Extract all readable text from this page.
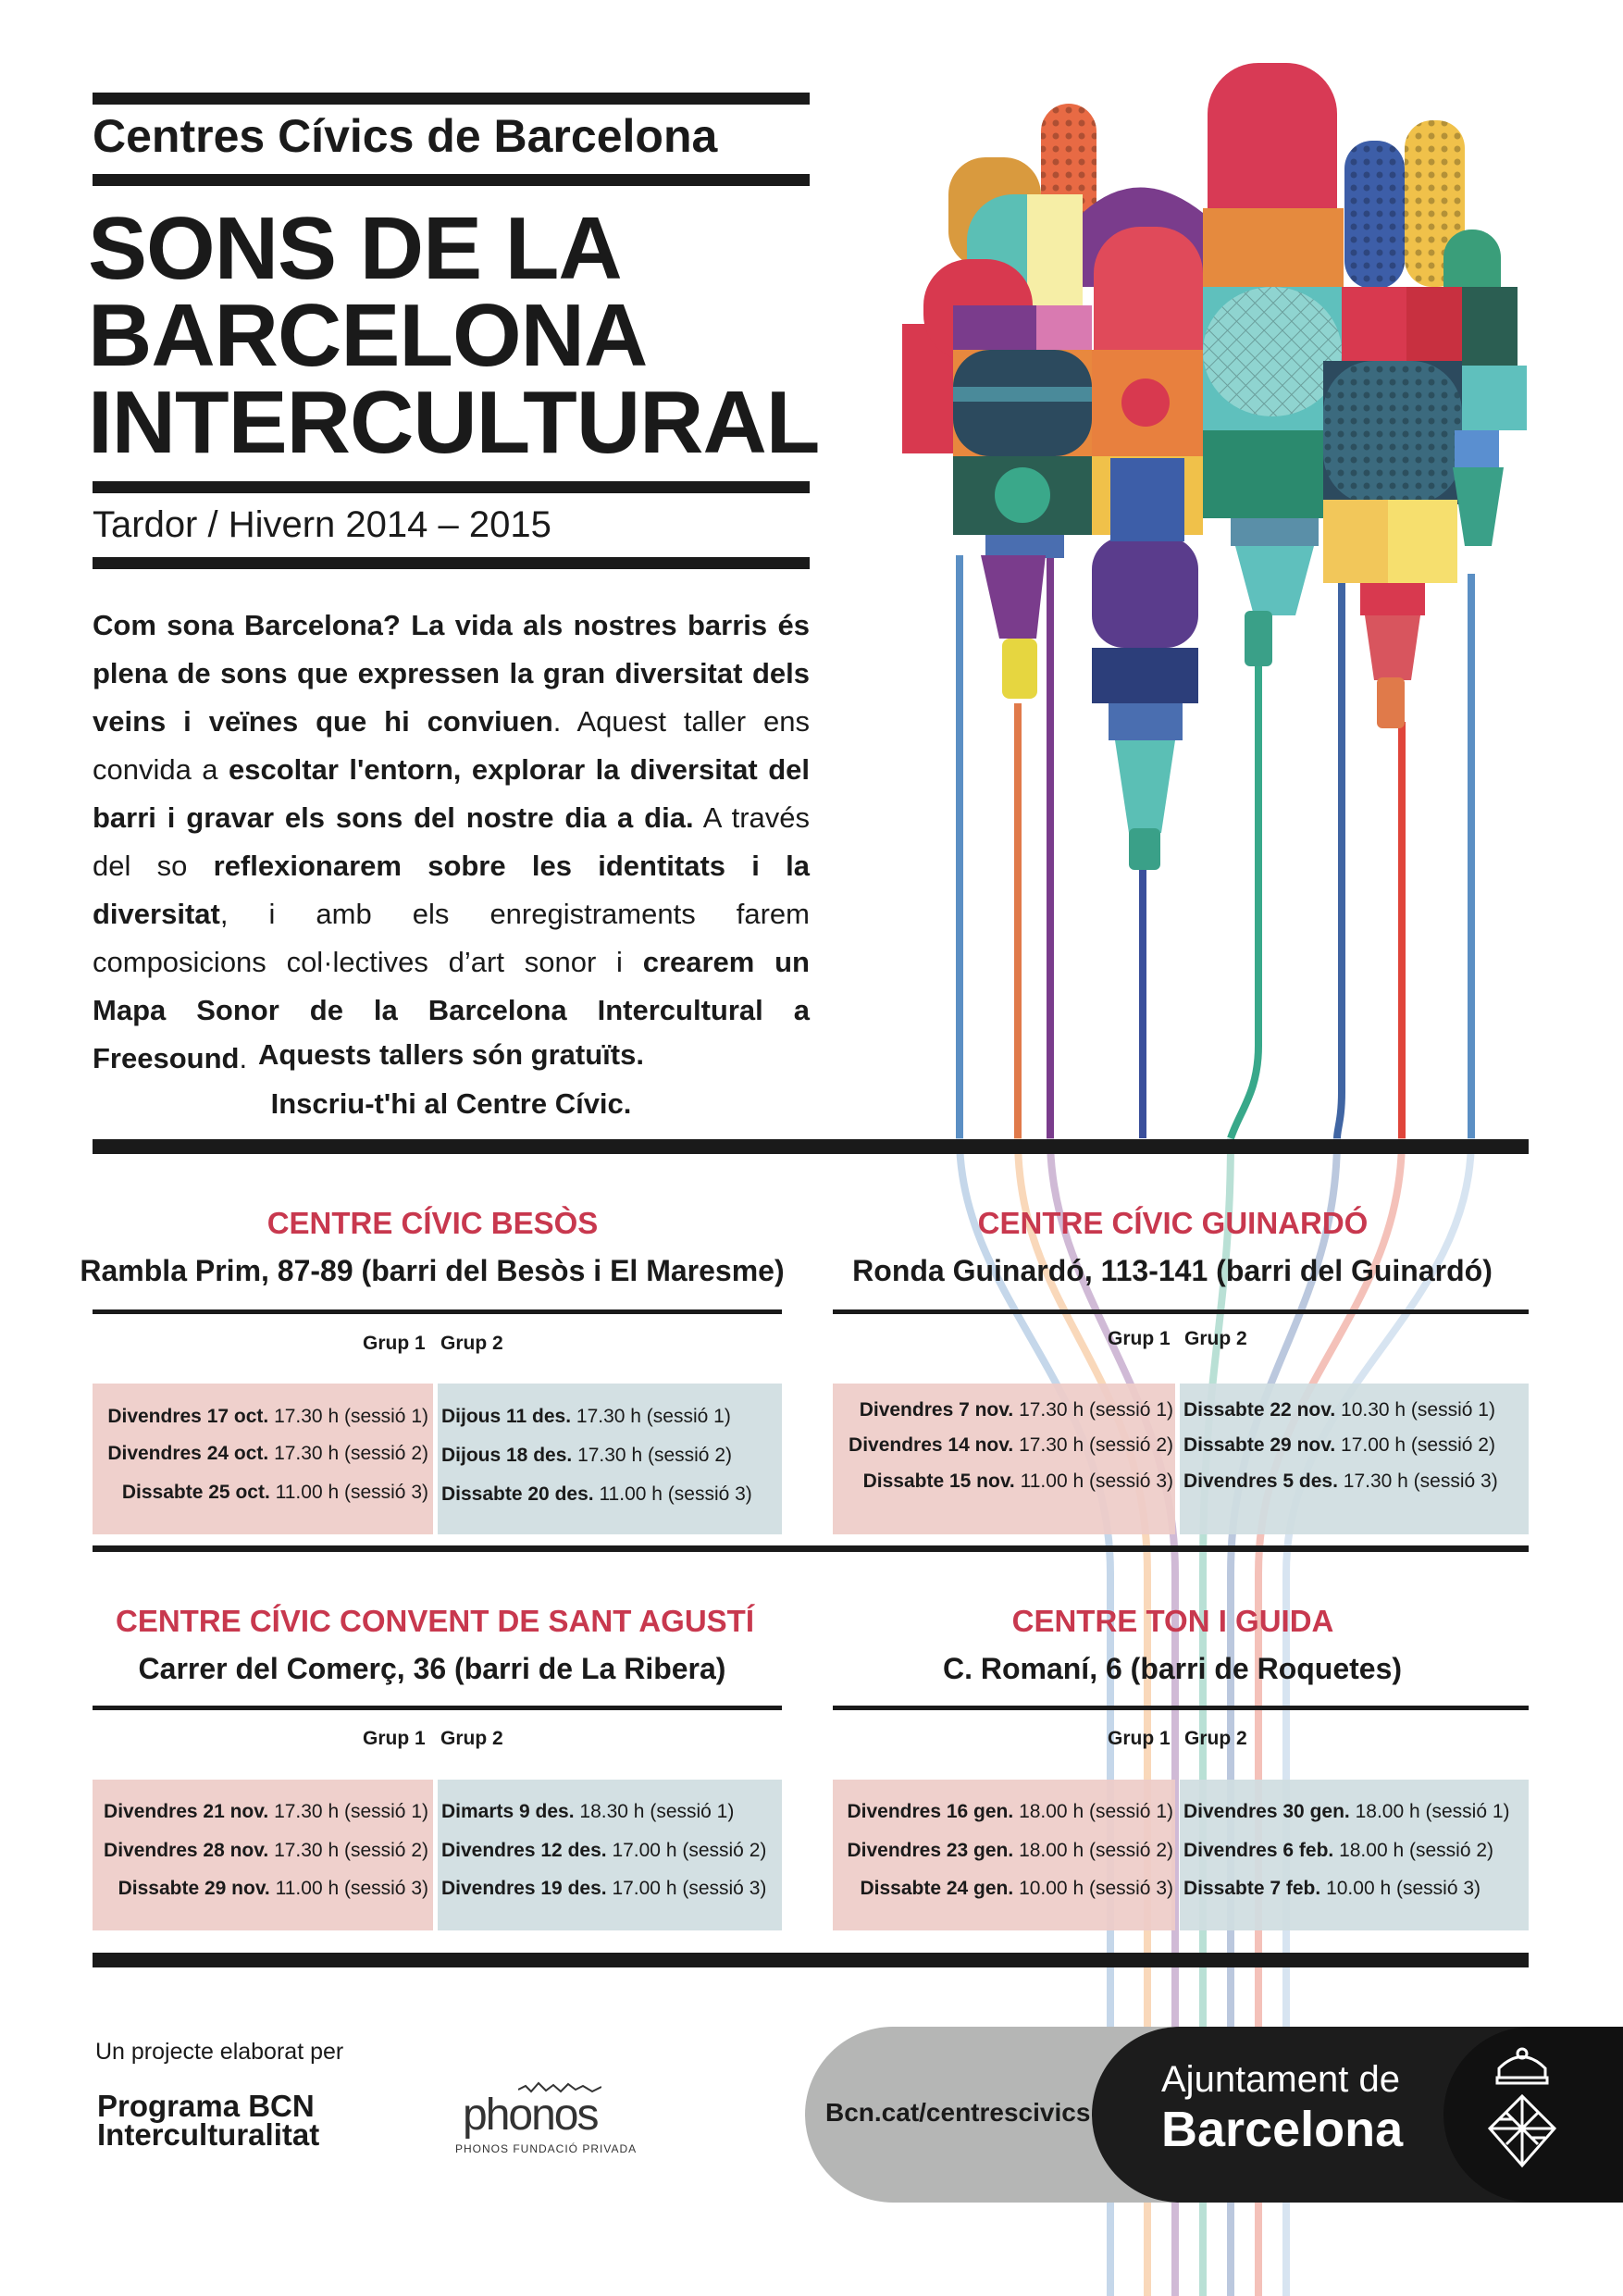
Centres Cívics de Barcelona
SONS DE LA
BARCELONA
INTERCULTURAL
Tardor / Hivern 2014 – 2015
Com sona Barcelona? La vida als nostres barris és plena de sons que expressen la gran diversitat dels veins i veïnes que hi conviuen. Aquest taller ens convida a escoltar l'entorn, explorar la diversitat del barri i gravar els sons del nostre dia a dia. A través del so reflexionarem sobre les identitats i la diversitat, i amb els enregistraments farem composicions col·lectives d’art sonor i crearem un Mapa Sonor de la Barcelona Intercultural a Freesound. Aquests tallers són gratuïts.
Inscriu-t'hi al Centre Cívic.
CENTRE CÍVIC BESÒS
Rambla Prim, 87-89 (barri del Besòs i El Maresme)
Grup 1 Grup 2
Divendres 17 oct. 17.30 h (sessió 1)
Divendres 24 oct. 17.30 h (sessió 2)
Dissabte 25 oct. 11.00 h (sessió 3)
Dijous 11 des. 17.30 h (sessió 1)
Dijous 18 des. 17.30 h (sessió 2)
Dissabte 20 des. 11.00 h (sessió 3)
CENTRE CÍVIC GUINARDÓ
Ronda Guinardó, 113-141 (barri del Guinardó)
Grup 1 Grup 2
Divendres 7 nov. 17.30 h (sessió 1)
Divendres 14 nov. 17.30 h (sessió 2)
Dissabte 15 nov. 11.00 h (sessió 3)
Dissabte 22 nov. 10.30 h (sessió 1)
Dissabte 29 nov. 17.00 h (sessió 2)
Divendres 5 des. 17.30 h (sessió 3)
CENTRE CÍVIC CONVENT DE SANT AGUSTÍ
Carrer del Comerç, 36 (barri de La Ribera)
Grup 1 Grup 2
Divendres 21 nov. 17.30 h (sessió 1)
Divendres 28 nov. 17.30 h (sessió 2)
Dissabte 29 nov. 11.00 h (sessió 3)
Dimarts 9 des. 18.30 h (sessió 1)
Divendres 12 des. 17.00 h (sessió 2)
Divendres 19 des. 17.00 h (sessió 3)
CENTRE TON I GUIDA
C. Romaní, 6 (barri de Roquetes)
Grup 1 Grup 2
Divendres 16 gen. 18.00 h (sessió 1)
Divendres 23 gen. 18.00 h (sessió 2)
Dissabte 24 gen. 10.00 h (sessió 3)
Divendres 30 gen. 18.00 h (sessió 1)
Divendres 6 feb. 18.00 h (sessió 2)
Dissabte 7 feb. 10.00 h (sessió 3)
Un projecte elaborat per
Programa BCN
Interculturalitat	phonos
PHONOS FUNDACIÓ PRIVADA
Bcn.cat/centrescivics
Ajuntament de
Barcelona
